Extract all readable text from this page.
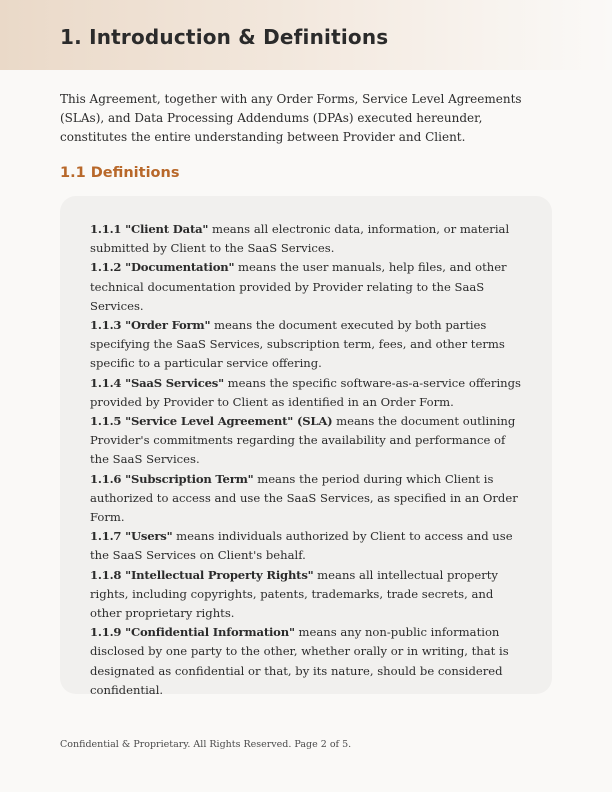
1. Introduction & Definitions

This Agreement, together with any Order Forms, Service Level Agreements (SLAs), and Data Processing Addendums (DPAs) executed hereunder, constitutes the entire understanding between Provider and Client.

1.1 Definitions

1.1.1 "Client Data" means all electronic data, information, or material submitted by Client to the SaaS Services.

1.1.2 "Documentation" means the user manuals, help files, and other technical documentation provided by Provider relating to the SaaS Services.

1.1.3 "Order Form" means the document executed by both parties specifying the SaaS Services, subscription term, fees, and other terms specific to a particular service offering.

1.1.4 "SaaS Services" means the specific software-as-a-service offerings provided by Provider to Client as identified in an Order Form.

1.1.5 "Service Level Agreement" (SLA) means the document outlining Provider's commitments regarding the availability and performance of the SaaS Services.

1.1.6 "Subscription Term" means the period during which Client is authorized to access and use the SaaS Services, as specified in an Order Form.

1.1.7 "Users" means individuals authorized by Client to access and use the SaaS Services on Client's behalf.

1.1.8 "Intellectual Property Rights" means all intellectual property rights, including copyrights, patents, trademarks, trade secrets, and other proprietary rights.

1.1.9 "Confidential Information" means any non-public information disclosed by one party to the other, whether orally or in writing, that is designated as confidential or that, by its nature, should be considered confidential.

Confidential & Proprietary. All Rights Reserved. Page 2 of 5.
